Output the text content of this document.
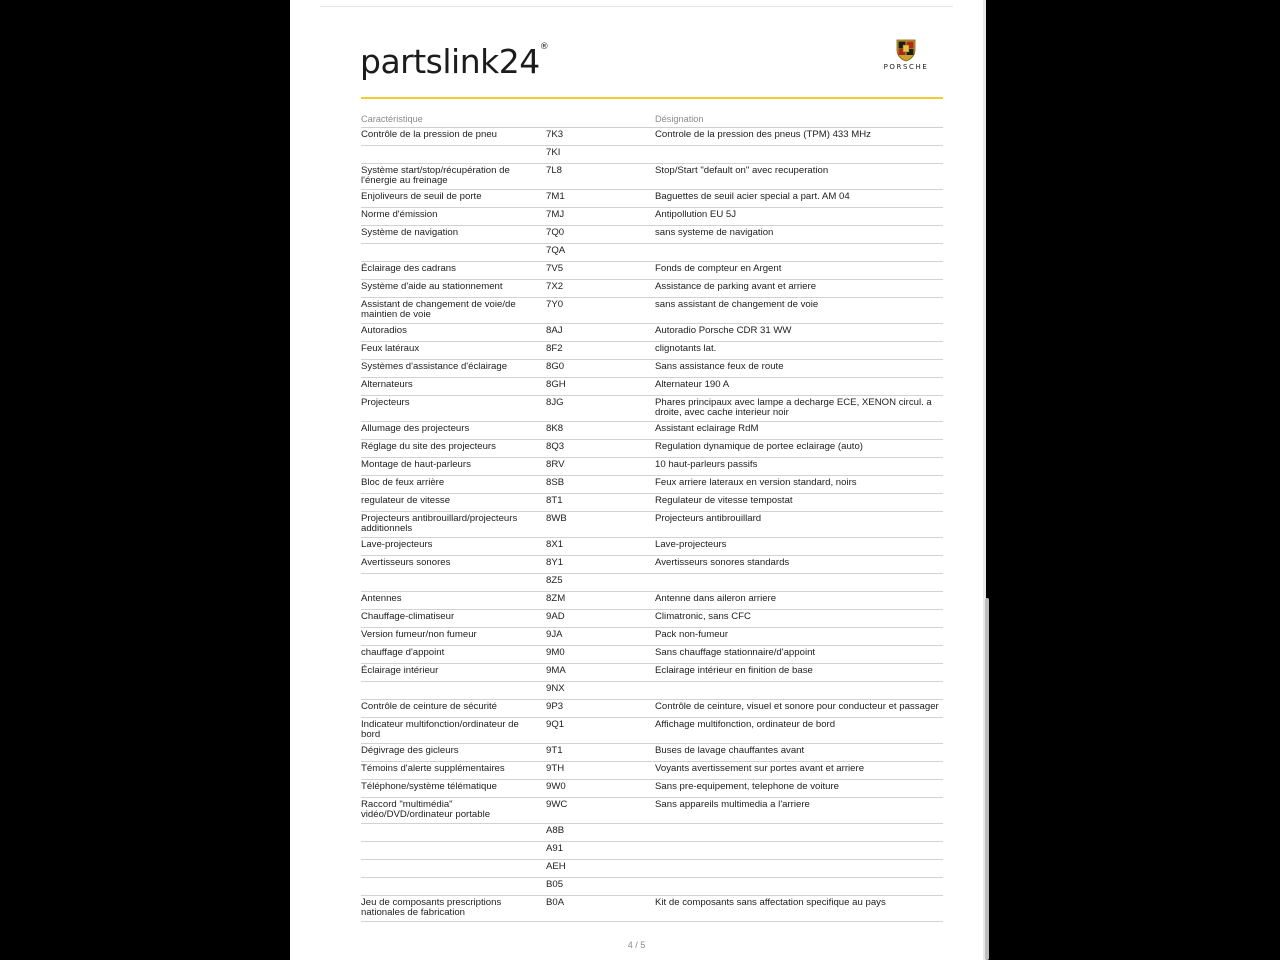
partslink24®
PORSCHE
Caractéristique		Désignation
Contrôle de la pression de pneu	7K3	Controle de la pression des pneus (TPM) 433 MHz
	7KI	
Système start/stop/récupération de l'énergie au freinage	7L8	Stop/Start "default on" avec recuperation
Enjoliveurs de seuil de porte	7M1	Baguettes de seuil acier special a part. AM 04
Norme d'émission	7MJ	Antipollution EU 5J
Système de navigation	7Q0	sans systeme de navigation
	7QA	
Éclairage des cadrans	7V5	Fonds de compteur en Argent
Système d'aide au stationnement	7X2	Assistance de parking avant et arriere
Assistant de changement de voie/de maintien de voie	7Y0	sans assistant de changement de voie
Autoradios	8AJ	Autoradio Porsche CDR 31 WW
Feux latéraux	8F2	clignotants lat.
Systèmes d'assistance d'éclairage	8G0	Sans assistance feux de route
Alternateurs	8GH	Alternateur 190 A
Projecteurs	8JG	Phares principaux avec lampe a decharge ECE, XENON circul. a droite, avec cache interieur noir
Allumage des projecteurs	8K8	Assistant eclairage RdM
Réglage du site des projecteurs	8Q3	Regulation dynamique de portee eclairage (auto)
Montage de haut-parleurs	8RV	10 haut-parleurs passifs
Bloc de feux arrière	8SB	Feux arriere lateraux en version standard, noirs
regulateur de vitesse	8T1	Regulateur de vitesse tempostat
Projecteurs antibrouillard/projecteurs additionnels	8WB	Projecteurs antibrouillard
Lave-projecteurs	8X1	Lave-projecteurs
Avertisseurs sonores	8Y1	Avertisseurs sonores standards
	8Z5	
Antennes	8ZM	Antenne dans aileron arriere
Chauffage-climatiseur	9AD	Climatronic, sans CFC
Version fumeur/non fumeur	9JA	Pack non-fumeur
chauffage d'appoint	9M0	Sans chauffage stationnaire/d'appoint
Éclairage intérieur	9MA	Eclairage intérieur en finition de base
	9NX	
Contrôle de ceinture de sécurité	9P3	Contrôle de ceinture, visuel et sonore pour conducteur et passager
Indicateur multifonction/ordinateur de bord	9Q1	Affichage multifonction, ordinateur de bord
Dégivrage des gicleurs	9T1	Buses de lavage chauffantes avant
Témoins d'alerte supplémentaires	9TH	Voyants avertissement sur portes avant et arriere
Téléphone/système télématique	9W0	Sans pre-equipement, telephone de voiture
Raccord "multimédia" vidéo/DVD/ordinateur portable	9WC	Sans appareils multimedia a l'arriere
	A8B	
	A91	
	AEH	
	B05	
Jeu de composants prescriptions nationales de fabrication	B0A	Kit de composants sans affectation specifique au pays
4 / 5
